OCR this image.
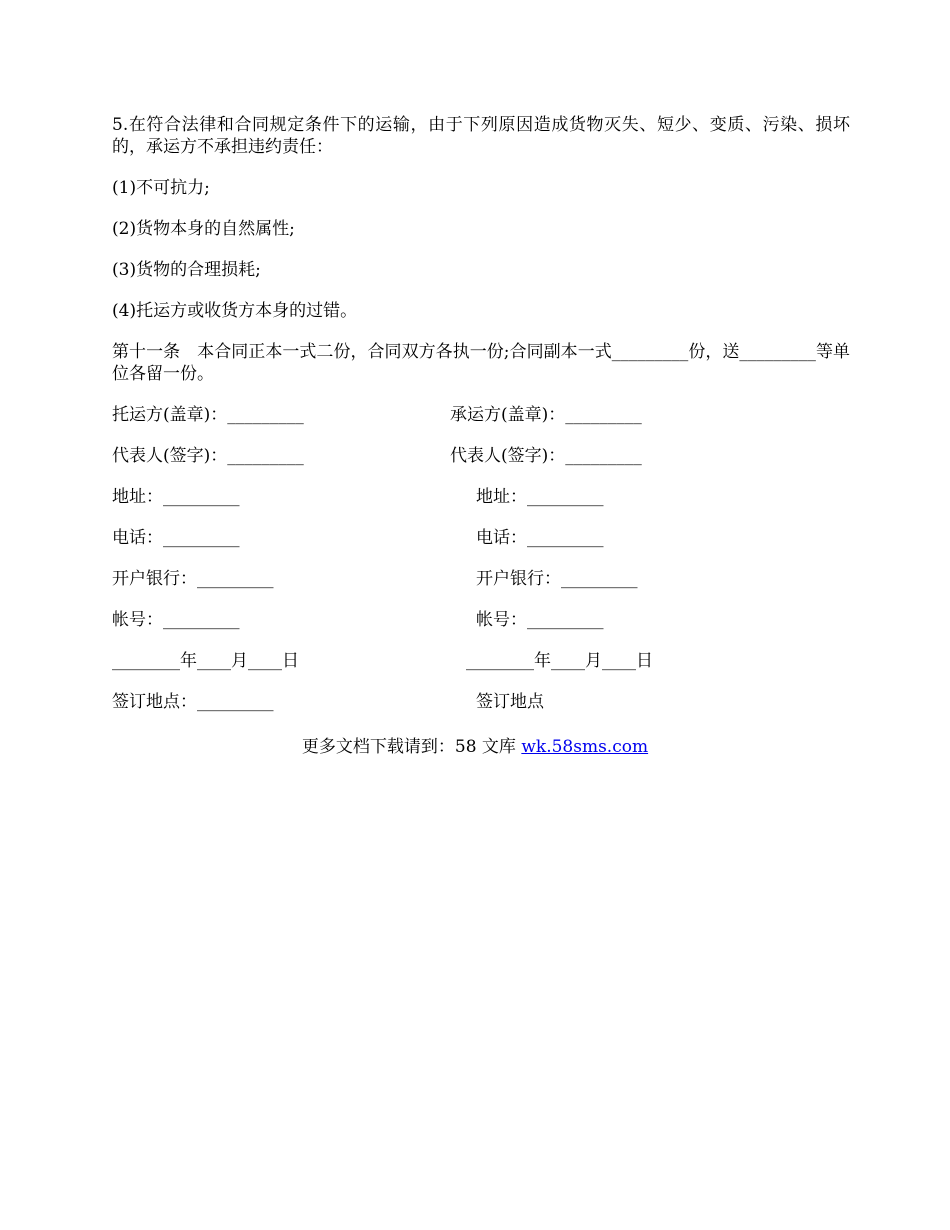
5.在符合法律和合同规定条件下的运输，由于下列原因造成货物灭失、短少、变质、污染、损坏的，承运方不承担违约责任：

(1)不可抗力;

(2)货物本身的自然属性;

(3)货物的合理损耗;

(4)托运方或收货方本身的过错。

第十一条　本合同正本一式二份，合同双方各执一份;合同副本一式_________份，送_________等单位各留一份。

托运方(盖章)：_________	承运方(盖章)：_________
代表人(签字)：_________	代表人(签字)：_________
地址：_________	地址：_________
电话：_________	电话：_________
开户银行：_________	开户银行：_________
帐号：_________	帐号：_________
________年____月____日	________年____月____日
签订地点：_________	签订地点
更多文档下载请到：58 文库 wk.58sms.com
